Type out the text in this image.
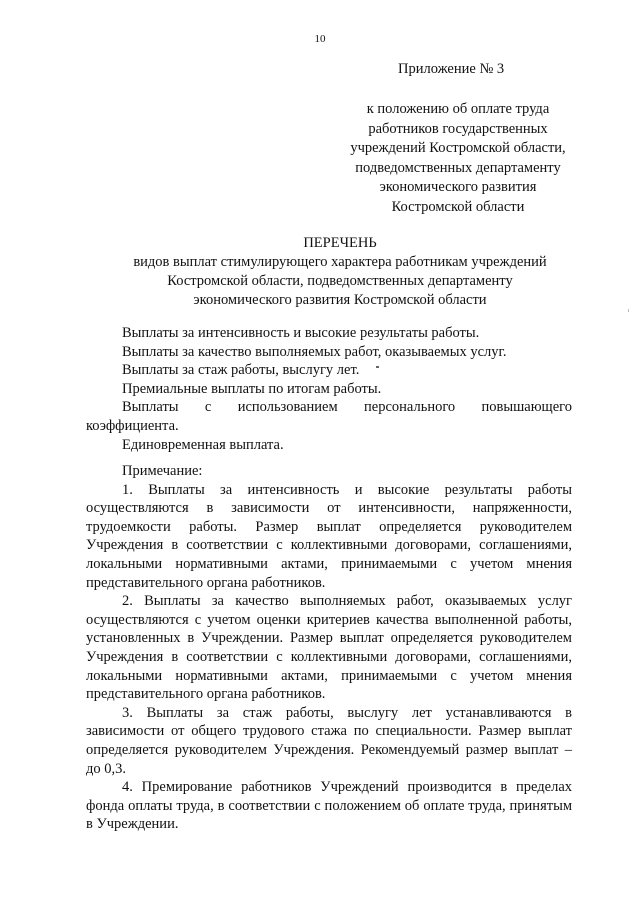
10
Приложение № 3
к положению об оплате труда
работников государственных
учреждений Костромской области,
подведомственных департаменту
экономического развития
Костромской области
ПЕРЕЧЕНЬ
видов выплат стимулирующего характера работникам учреждений
Костромской области, подведомственных департаменту
экономического развития Костромской области
Выплаты за интенсивность и высокие результаты работы.
Выплаты за качество выполняемых работ, оказываемых услуг.
Выплаты за стаж работы, выслугу лет.
Премиальные выплаты по итогам работы.
Выплаты с использованием персонального повышающего коэффициента.
Единовременная выплата.
Примечание:

1. Выплаты за интенсивность и высокие результаты работы осуществляются в зависимости от интенсивности, напряженности, трудоемкости работы. Размер выплат определяется руководителем Учреждения в соответствии с коллективными договорами, соглашениями, локальными нормативными актами, принимаемыми с учетом мнения представительного органа работников.

2. Выплаты за качество выполняемых работ, оказываемых услуг осуществляются с учетом оценки критериев качества выполненной работы, установленных в Учреждении. Размер выплат определяется руководителем Учреждения в соответствии с коллективными договорами, соглашениями, локальными нормативными актами, принимаемыми с учетом мнения представительного органа работников.

3. Выплаты за стаж работы, выслугу лет устанавливаются в зависимости от общего трудового стажа по специальности. Размер выплат определяется руководителем Учреждения. Рекомендуемый размер выплат – до 0,3.

4. Премирование работников Учреждений производится в пределах фонда оплаты труда, в соответствии с положением об оплате труда, принятым в Учреждении.
